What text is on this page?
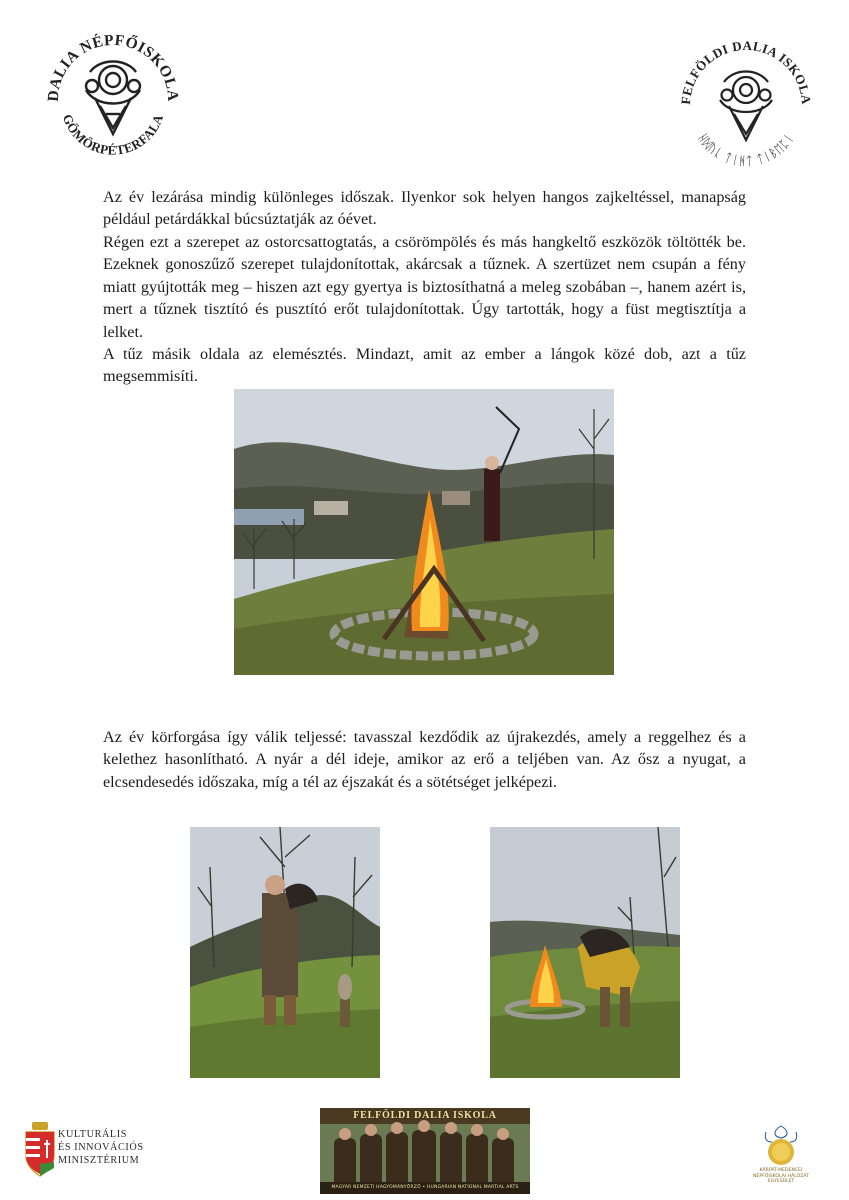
DALIA NÉPFŐISKOLA
GÖMÖRPÉTERFALA
FELFÖLDI DALIA ISKOLA
ᚺᛞᚢᚳ ᛏᛁᚻᛏ ᛏᛁᛒᛖᛈᛁ

Az év lezárása mindig különleges időszak. Ilyenkor sok helyen hangos zajkeltéssel, manapság például petárdákkal búcsúztatják az óévet.

Régen ezt a szerepet az ostorcsattogtatás, a csörömpölés és más hangkeltő eszközök töltötték be. Ezeknek gonoszűző szerepet tulajdonítottak, akárcsak a tűznek. A szertüzet nem csupán a fény miatt gyújtották meg – hiszen azt egy gyertya is biztosíthatná a meleg szobában –, hanem azért is, mert a tűznek tisztító és pusztító erőt tulajdonítottak. Úgy tartották, hogy a füst megtisztítja a lelket.

A tűz másik oldala az elemésztés. Mindazt, amit az ember a lángok közé dob, azt a tűz megsemmisíti.

Az év körforgása így válik teljessé: tavasszal kezdődik az újrakezdés, amely a reggelhez és a kelethez hasonlítható. A nyár a dél ideje, amikor az erő a teljében van. Az ősz a nyugat, a elcsendesedés időszaka, míg a tél az éjszakát és a sötétséget jelképezi.

KULTURÁLIS
ÉS INNOVÁCIÓS
MINISZTÉRIUM
FELFÖLDI DALIA ISKOLA
MAGYAR NEMZETI HAGYOMÁNYŐRZŐ • HUNGARIAN NATIONAL MARTIAL ARTS
KÁRPÁT-MEDENCEI
NÉPFŐISKOLAI HÁLÓZAT
EGYESÜLET
